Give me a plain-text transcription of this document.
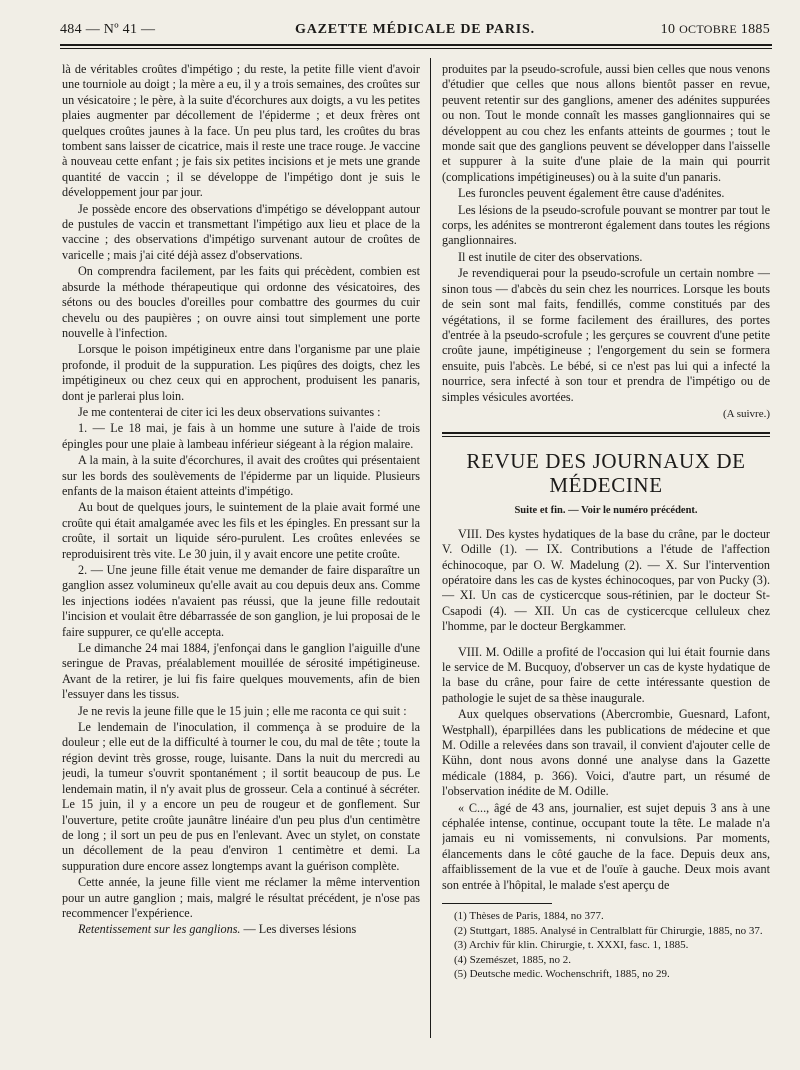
484 — Nº 41 —	GAZETTE MÉDICALE DE PARIS.	10 OCTOBRE 1885

là de véritables croûtes d'impétigo ; du reste, la petite fille vient d'avoir une tourniole au doigt ; la mère a eu, il y a trois semaines, des croûtes sur un vésicatoire ; le père, à la suite d'écorchures aux doigts, a vu les petites plaies augmenter par décollement de l'épiderme ; et deux frères ont quelques croûtes jaunes à la face. Un peu plus tard, les croûtes du bras tombent sans laisser de cicatrice, mais il reste une trace rouge. Je vaccine à nouveau cette enfant ; je fais six petites incisions et je mets une grande quantité de vaccin ; il se développe de l'impétigo dont je suis le développement jour par jour.

Je possède encore des observations d'impétigo se développant autour de pustules de vaccin et transmettant l'impétigo aux lieu et place de la vaccine ; des observations d'impétigo survenant autour de croûtes de varicelle ; mais j'ai cité déjà assez d'observations.

On comprendra facilement, par les faits qui précèdent, combien est absurde la méthode thérapeutique qui ordonne des vésicatoires, des sétons ou des boucles d'oreilles pour combattre des gourmes du cuir chevelu ou des paupières ; on ouvre ainsi tout simplement une porte nouvelle à l'infection.

Lorsque le poison impétigineux entre dans l'organisme par une plaie profonde, il produit de la suppuration. Les piqûres des doigts, chez les impétigineux ou chez ceux qui en approchent, produisent les panaris, dont je parlerai plus loin.

Je me contenterai de citer ici les deux observations suivantes :

1. — Le 18 mai, je fais à un homme une suture à l'aide de trois épingles pour une plaie à lambeau inférieur siégeant à la région malaire.

A la main, à la suite d'écorchures, il avait des croûtes qui présentaient sur les bords des soulèvements de l'épiderme par un liquide. Plusieurs enfants de la maison étaient atteints d'impétigo.

Au bout de quelques jours, le suintement de la plaie avait formé une croûte qui était amalgamée avec les fils et les épingles. En pressant sur la croûte, il sortait un liquide séro-purulent. Les croûtes enlevées se reproduisirent très vite. Le 30 juin, il y avait encore une petite croûte.

2. — Une jeune fille était venue me demander de faire disparaître un ganglion assez volumineux qu'elle avait au cou depuis deux ans. Comme les injections iodées n'avaient pas réussi, que la jeune fille redoutait l'incision et voulait être débarrassée de son ganglion, je lui proposai de le faire suppurer, ce qu'elle accepta.

Le dimanche 24 mai 1884, j'enfonçai dans le ganglion l'aiguille d'une seringue de Pravas, préalablement mouillée de sérosité impétigineuse. Avant de la retirer, je lui fis faire quelques mouvements, afin de bien l'essuyer dans les tissus.

Je ne revis la jeune fille que le 15 juin ; elle me raconta ce qui suit :

Le lendemain de l'inoculation, il commença à se produire de la douleur ; elle eut de la difficulté à tourner le cou, du mal de tête ; toute la région devint très grosse, rouge, luisante. Dans la nuit du mercredi au jeudi, la tumeur s'ouvrit spontanément ; il sortit beaucoup de pus. Le lendemain matin, il n'y avait plus de grosseur. Cela a continué à sécréter. Le 15 juin, il y a encore un peu de rougeur et de gonflement. Sur l'ouverture, petite croûte jaunâtre linéaire d'un peu plus d'un centimètre de long ; il sort un peu de pus en l'enlevant. Avec un stylet, on constate un décollement de la peau d'environ 1 centimètre et demi. La suppuration dure encore assez longtemps avant la guérison complète.

Cette année, la jeune fille vient me réclamer la même intervention pour un autre ganglion ; mais, malgré le résultat précédent, je n'ose pas recommencer l'expérience.

Retentissement sur les ganglions. — Les diverses lésions

produites par la pseudo-scrofule, aussi bien celles que nous venons d'étudier que celles que nous allons bientôt passer en revue, peuvent retentir sur des ganglions, amener des adénites suppurées ou non. Tout le monde connaît les masses ganglionnaires qui se développent au cou chez les enfants atteints de gourmes ; tout le monde sait que des ganglions peuvent se développer dans l'aisselle et suppurer à la suite d'une plaie de la main qui pourrit (complications impétigineuses) ou à la suite d'un panaris.

Les furoncles peuvent également être cause d'adénites.

Les lésions de la pseudo-scrofule pouvant se montrer par tout le corps, les adénites se montreront également dans toutes les régions ganglionnaires.

Il est inutile de citer des observations.

Je revendiquerai pour la pseudo-scrofule un certain nombre — sinon tous — d'abcès du sein chez les nourrices. Lorsque les bouts de sein sont mal faits, fendillés, comme constitués par des végétations, il se forme facilement des éraillures, des portes d'entrée à la pseudo-scrofule ; les gerçures se couvrent d'une petite croûte jaune, impétigineuse ; l'engorgement du sein se formera ensuite, puis l'abcès. Le bébé, si ce n'est pas lui qui a infecté la nourrice, sera infecté à son tour et prendra de l'impétigo ou de simples vésicules avortées.

(A suivre.)

REVUE DES JOURNAUX DE MÉDECINE

Suite et fin. — Voir le numéro précédent.

VIII. Des kystes hydatiques de la base du crâne, par le docteur V. Odille (1). — IX. Contributions a l'étude de l'affection échinocoque, par O. W. Madelung (2). — X. Sur l'intervention opératoire dans les cas de kystes échinocoques, par von Pucky (3). — XI. Un cas de cysticercque sous-rétinien, par le docteur St-Csapodi (4). — XII. Un cas de cysticercque celluleux chez l'homme, par le docteur Bergkammer.

VIII. M. Odille a profité de l'occasion qui lui était fournie dans le service de M. Bucquoy, d'observer un cas de kyste hydatique de la base du crâne, pour faire de cette intéressante question de pathologie le sujet de sa thèse inaugurale.

Aux quelques observations (Abercrombie, Guesnard, Lafont, Westphall), éparpillées dans les publications de médecine et que M. Odille a relevées dans son travail, il convient d'ajouter celle de Kühn, dont nous avons donné une analyse dans la Gazette médicale (1884, p. 366). Voici, d'autre part, un résumé de l'observation inédite de M. Odille.

« C..., âgé de 43 ans, journalier, est sujet depuis 3 ans à une céphalée intense, continue, occupant toute la tête. Le malade n'a jamais eu ni vomissements, ni convulsions. Par moments, élancements dans le côté gauche de la face. Depuis deux ans, affaiblissement de la vue et de l'ouïe à gauche. Deux mois avant son entrée à l'hôpital, le malade s'est aperçu de

(1) Thèses de Paris, 1884, no 377.

(2) Stuttgart, 1885. Analysé in Centralblatt für Chirurgie, 1885, no 37.

(3) Archiv für klin. Chirurgie, t. XXXI, fasc. 1, 1885.

(4) Szemészet, 1885, no 2.

(5) Deutsche medic. Wochenschrift, 1885, no 29.
